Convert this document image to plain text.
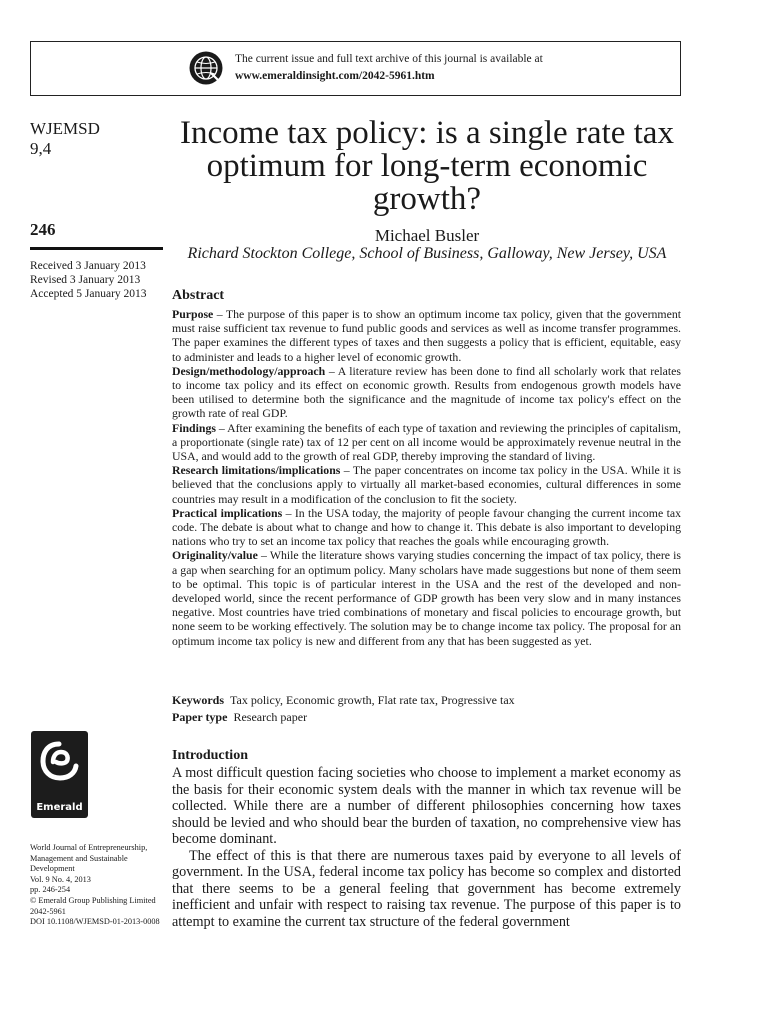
The current issue and full text archive of this journal is available at
www.emeraldinsight.com/2042-5961.htm
WJEMSD
9,4
246
Received 3 January 2013
Revised 3 January 2013
Accepted 5 January 2013
Income tax policy: is a single rate tax optimum for long-term economic growth?
Michael Busler
Richard Stockton College, School of Business, Galloway, New Jersey, USA
Abstract

Purpose – The purpose of this paper is to show an optimum income tax policy, given that the government must raise sufficient tax revenue to fund public goods and services as well as income transfer programmes. The paper examines the different types of taxes and then suggests a policy that is efficient, equitable, easy to administer and leads to a higher level of economic growth.

Design/methodology/approach – A literature review has been done to find all scholarly work that relates to income tax policy and its effect on economic growth. Results from endogenous growth models have been utilised to determine both the significance and the magnitude of income tax policy's effect on the growth rate of real GDP.

Findings – After examining the benefits of each type of taxation and reviewing the principles of capitalism, a proportionate (single rate) tax of 12 per cent on all income would be approximately revenue neutral in the USA, and would add to the growth of real GDP, thereby improving the standard of living.

Research limitations/implications – The paper concentrates on income tax policy in the USA. While it is believed that the conclusions apply to virtually all market-based economies, cultural differences in some countries may result in a modification of the conclusion to fit the society.

Practical implications – In the USA today, the majority of people favour changing the current income tax code. The debate is about what to change and how to change it. This debate is also important to developing nations who try to set an income tax policy that reaches the goals while encouraging growth.

Originality/value – While the literature shows varying studies concerning the impact of tax policy, there is a gap when searching for an optimum policy. Many scholars have made suggestions but none of them seem to be optimal. This topic is of particular interest in the USA and the rest of the developed and non-developed world, since the recent performance of GDP growth has been very slow and in many instances negative. Most countries have tried combinations of monetary and fiscal policies to encourage growth, but none seem to be working effectively. The solution may be to change income tax policy. The proposal for an optimum income tax policy is new and different from any that has been suggested as yet.

Keywords Tax policy, Economic growth, Flat rate tax, Progressive tax
Paper type Research paper
Emerald
World Journal of Entrepreneurship,
Management and Sustainable
Development
Vol. 9 No. 4, 2013
pp. 246-254
© Emerald Group Publishing Limited
2042-5961
DOI 10.1108/WJEMSD-01-2013-0008
Introduction

A most difficult question facing societies who choose to implement a market economy as the basis for their economic system deals with the manner in which tax revenue will be collected. While there are a number of different philosophies concerning how taxes should be levied and who should bear the burden of taxation, no comprehensive view has become dominant.

The effect of this is that there are numerous taxes paid by everyone to all levels of government. In the USA, federal income tax policy has become so complex and distorted that there seems to be a general feeling that government has become extremely inefficient and unfair with respect to raising tax revenue. The purpose of this paper is to attempt to examine the current tax structure of the federal government
